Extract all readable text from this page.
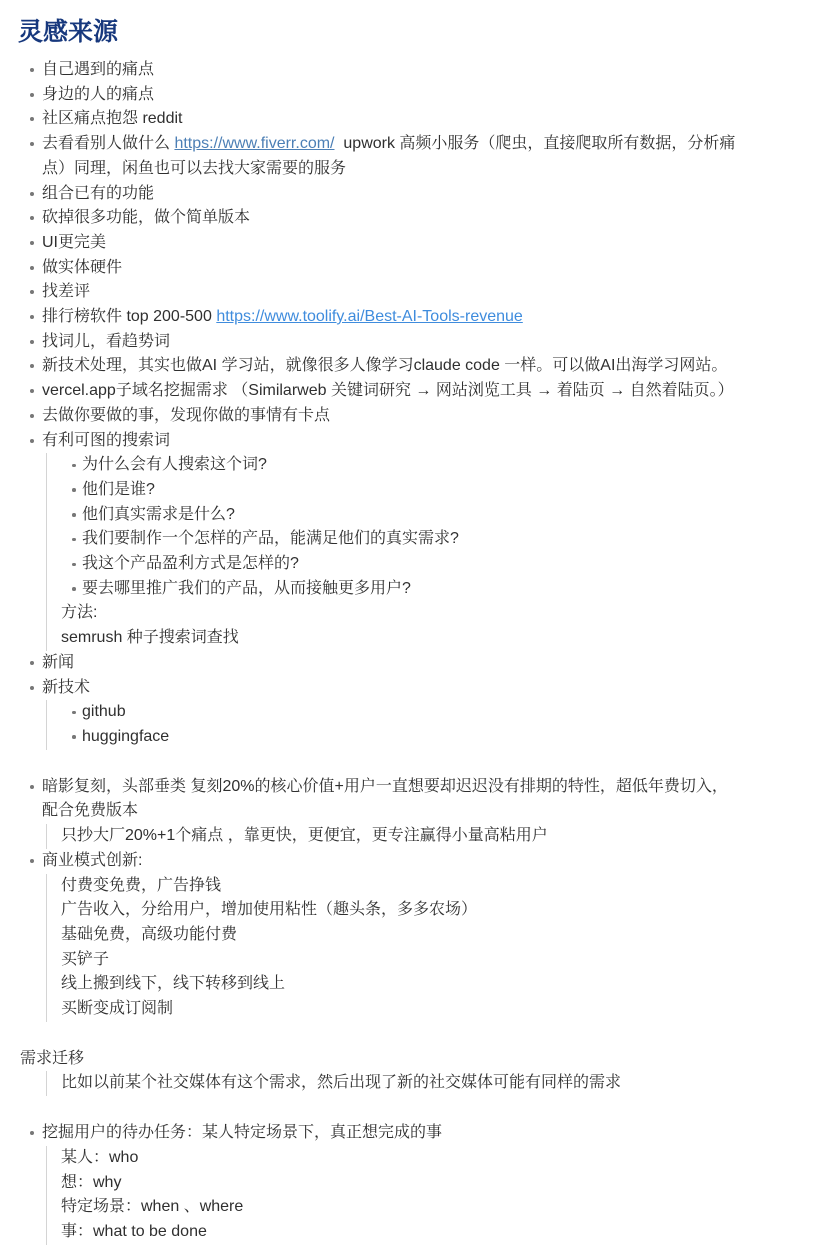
灵感来源
自己遇到的痛点
身边的人的痛点
社区痛点抱怨 reddit
去看看别人做什么 https://www.fiverr.com/  upwork 高频小服务（爬虫，直接爬取所有数据，分析痛点）同理，闲鱼也可以去找大家需要的服务
组合已有的功能
砍掉很多功能，做个简单版本
UI更完美
做实体硬件
找差评
排行榜软件 top 200-500 https://www.toolify.ai/Best-AI-Tools-revenue
找词儿，看趋势词
新技术处理，其实也做AI 学习站，就像很多人像学习claude code 一样。可以做AI出海学习网站。
vercel.app子域名挖掘需求 （Similarweb 关键词研究 → 网站浏览工具 → 着陆页 → 自然着陆页。）
去做你要做的事，发现你做的事情有卡点
有利可图的搜索词
为什么会有人搜索这个词?
他们是谁?
他们真实需求是什么?
我们要制作一个怎样的产品，能满足他们的真实需求?
我这个产品盈利方式是怎样的?
要去哪里推广我们的产品，从而接触更多用户?
方法:
semrush 种子搜索词查找
新闻
新技术
github
huggingface
暗影复刻，头部垂类 复刻20%的核心价值+用户一直想要却迟迟没有排期的特性，超低年费切入，配合免费版本
只抄大厂20%+1个痛点 ，靠更快，更便宜，更专注赢得小量高粘用户
商业模式创新:
付费变免费，广告挣钱
广告收入，分给用户，增加使用粘性（趣头条，多多农场）
基础免费，高级功能付费
买铲子
线上搬到线下，线下转移到线上
买断变成订阅制
需求迁移
比如以前某个社交媒体有这个需求，然后出现了新的社交媒体可能有同样的需求
挖掘用户的待办任务：某人特定场景下，真正想完成的事
某人：who
想：why
特定场景：when 、where
事：what to be done
